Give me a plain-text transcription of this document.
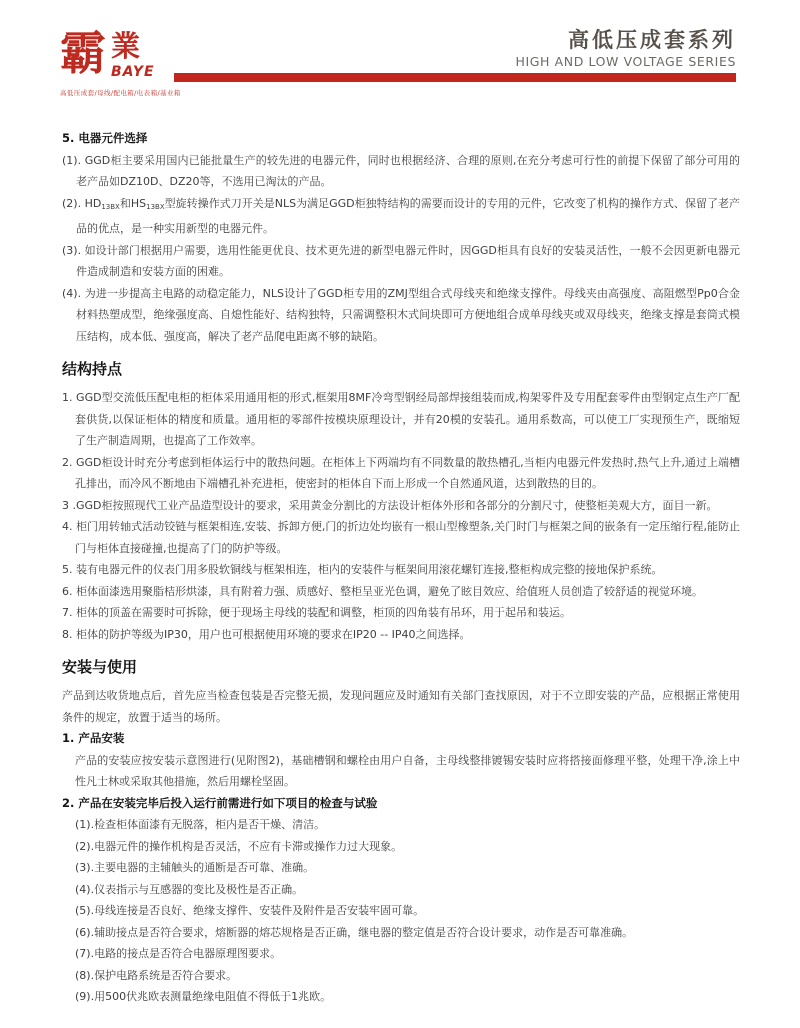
霸 業
BAYE
高低压成套/母线/配电箱/电表箱/基业箱
高低压成套系列
HIGH AND LOW VOLTAGE SERIES
5. 电器元件选择
(1). GGD柜主要采用国内已能批量生产的较先进的电器元件，同时也根据经济、合理的原则,在充分考虑可行性的前提下保留了部分可用的老产品如DZ10D、DZ20等，不选用已淘汰的产品。
(2). $HD_{13BX}$和$HS_{13BX}$型旋转操作式刀开关是NLS为满足GGD柜独特结构的需要而设计的专用的元件，它改变了机构的操作方式、保留了老产品的优点，是一种实用新型的电器元件。
(3). 如设计部门根据用户需要，选用性能更优良、技术更先进的新型电器元件时，因GGD柜具有良好的安装灵活性，一般不会因更新电器元件造成制造和安装方面的困难。
(4). 为进一步提高主电路的动稳定能力，NLS设计了GGD柜专用的ZMJ型组合式母线夹和绝缘支撑件。母线夹由高强度、高阻燃型Pp0合金材料热塑成型，绝缘强度高、自熄性能好、结构独特，只需调整积木式间块即可方便地组合成单母线夹或双母线夹，绝缘支撑是套筒式模压结构，成本低、强度高，解决了老产品爬电距离不够的缺陷。
结构持点
1. GGD型交流低压配电柜的柜体采用通用柜的形式,框架用8MF冷弯型钢经局部焊接组装而成,构架零件及专用配套零件由型钢定点生产厂配套供货,以保证柜体的精度和质量。通用柜的零部件按模块原理设计，并有20模的安装孔。通用系数高，可以使工厂实现预生产，既缩短了生产制造周期，也提高了工作效率。
2. GGD柜设计时充分考虑到柜体运行中的散热问题。在柜体上下两端均有不同数量的散热槽孔,当柜内电器元件发热时,热气上升,通过上端槽孔排出，而冷风不断地由下端槽孔补充进柜，使密封的柜体自下而上形成一个自然通风道，达到散热的目的。
3 .GGD柜按照现代工业产品造型设计的要求，采用黄金分割比的方法设计柜体外形和各部分的分割尺寸，使整柜美观大方，面目一新。
4. 柜门用转轴式活动铰链与框架相连,安装、拆卸方便,门的折边处均嵌有一根山型橡塑条,关门时门与框架之间的嵌条有一定压缩行程,能防止门与柜体直接碰撞,也提高了门的防护等级。
5. 装有电器元件的仪表门用多股软铜线与框架相连，柜内的安装件与框架间用滚花螺钉连接,整柜构成完整的接地保护系统。
6. 柜体面漆选用聚脂桔形烘漆，具有附着力强、质感好、整柜呈亚光色调，避免了眩目效应、给值班人员创造了较舒适的视觉环境。
7. 柜体的顶盖在需要时可拆除，便于现场主母线的装配和调整，柜顶的四角装有吊环，用于起吊和装运。
8. 柜体的防护等级为IP30，用户也可根据使用环境的要求在IP20 -- IP40之间选择。
安装与使用
产品到达收货地点后，首先应当检查包装是否完整无损，发现问题应及时通知有关部门查找原因，对于不立即安装的产品，应根据正常使用条件的规定，放置于适当的场所。
1. 产品安装
产品的安装应按安装示意图进行(见附图2)，基础槽钢和螺栓由用户自备，主母线整排镀锡安装时应将搭接面修理平整，处理干净,涂上中性凡士林或采取其他措施，然后用螺栓坚固。
2. 产品在安装完毕后投入运行前需进行如下项目的检查与试验
(1).检查柜体面漆有无脱落，柜内是否干燥、清洁。
(2).电器元件的操作机构是否灵活，不应有卡滞或操作力过大现象。
(3).主要电器的主辅触头的通断是否可靠、准确。
(4).仪表指示与互感器的变比及极性是否正确。
(5).母线连接是否良好、绝缘支撑件、安装件及附件是否安装牢固可靠。
(6).辅助接点是否符合要求，熔断器的熔芯规格是否正确，继电器的整定值是否符合设计要求，动作是否可靠准确。
(7).电路的接点是否符合电器原理图要求。
(8).保护电路系统是否符合要求。
(9).用500伏兆欧表测量绝缘电阻值不得低于1兆欧。
